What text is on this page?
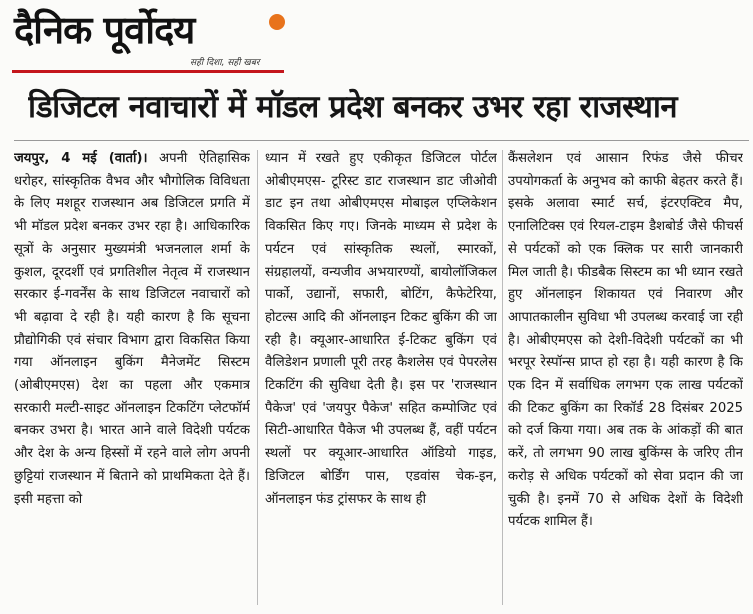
दैनिक पूर्वोदय
सही दिशा, सही खबर
डिजिटल नवाचारों में मॉडल प्रदेश बनकर उभर रहा राजस्थान

जयपुर, 4 मई (वार्ता)। अपनी ऐतिहासिक धरोहर, सांस्कृतिक वैभव और भौगोलिक विविधता के लिए मशहूर राजस्थान अब डिजिटल प्रगति में भी मॉडल प्रदेश बनकर उभर रहा है। आधिकारिक सूत्रों के अनुसार मुख्यमंत्री भजनलाल शर्मा के कुशल, दूरदर्शी एवं प्रगतिशील नेतृत्व में राजस्थान सरकार ई-गवर्नेंस के साथ डिजिटल नवाचारों को भी बढ़ावा दे रही है। यही कारण है कि सूचना प्रौद्योगिकी एवं संचार विभाग द्वारा विकसित किया गया ऑनलाइन बुकिंग मैनेजमेंट सिस्टम (ओबीएमएस) देश का पहला और एकमात्र सरकारी मल्टी-साइट ऑनलाइन टिकटिंग प्लेटफॉर्म बनकर उभरा है। भारत आने वाले विदेशी पर्यटक और देश के अन्य हिस्सों में रहने वाले लोग अपनी छुट्टियां राजस्थान में बिताने को प्राथमिकता देते हैं। इसी महत्ता को

ध्यान में रखते हुए एकीकृत डिजिटल पोर्टल ओबीएमएस- टूरिस्ट डाट राजस्थान डाट जीओवी डाट इन तथा ओबीएमएस मोबाइल एप्लिकेशन विकसित किए गए। जिनके माध्यम से प्रदेश के पर्यटन एवं सांस्कृतिक स्थलों, स्मारकों, संग्रहालयों, वन्यजीव अभयारण्यों, बायोलॉजिकल पार्को, उद्यानों, सफारी, बोटिंग, कैफेटेरिया, होटल्स आदि की ऑनलाइन टिकट बुकिंग की जा रही है। क्यूआर-आधारित ई-टिकट बुकिंग एवं वैलिडेशन प्रणाली पूरी तरह कैशलेस एवं पेपरलेस टिकटिंग की सुविधा देती है। इस पर 'राजस्थान पैकेज' एवं 'जयपुर पैकेज' सहित कम्पोजिट एवं सिटी-आधारित पैकेज भी उपलब्ध हैं, वहीं पर्यटन स्थलों पर क्यूआर-आधारित ऑडियो गाइड, डिजिटल बोर्डिंग पास, एडवांस चेक-इन, ऑनलाइन फंड ट्रांसफर के साथ ही

कैंसलेशन एवं आसान रिफंड जैसे फीचर उपयोगकर्ता के अनुभव को काफी बेहतर करते हैं। इसके अलावा स्मार्ट सर्च, इंटरएक्टिव मैप, एनालिटिक्स एवं रियल-टाइम डैशबोर्ड जैसे फीचर्स से पर्यटकों को एक क्लिक पर सारी जानकारी मिल जाती है। फीडबैक सिस्टम का भी ध्यान रखते हुए ऑनलाइन शिकायत एवं निवारण और आपातकालीन सुविधा भी उपलब्ध करवाई जा रही है। ओबीएमएस को देशी-विदेशी पर्यटकों का भी भरपूर रेस्पॉन्स प्राप्त हो रहा है। यही कारण है कि एक दिन में सर्वाधिक लगभग एक लाख पर्यटकों की टिकट बुकिंग का रिकॉर्ड 28 दिसंबर 2025 को दर्ज किया गया। अब तक के आंकड़ों की बात करें, तो लगभग 90 लाख बुकिंग्स के जरिए तीन करोड़ से अधिक पर्यटकों को सेवा प्रदान की जा चुकी है। इनमें 70 से अधिक देशों के विदेशी पर्यटक शामिल हैं।
